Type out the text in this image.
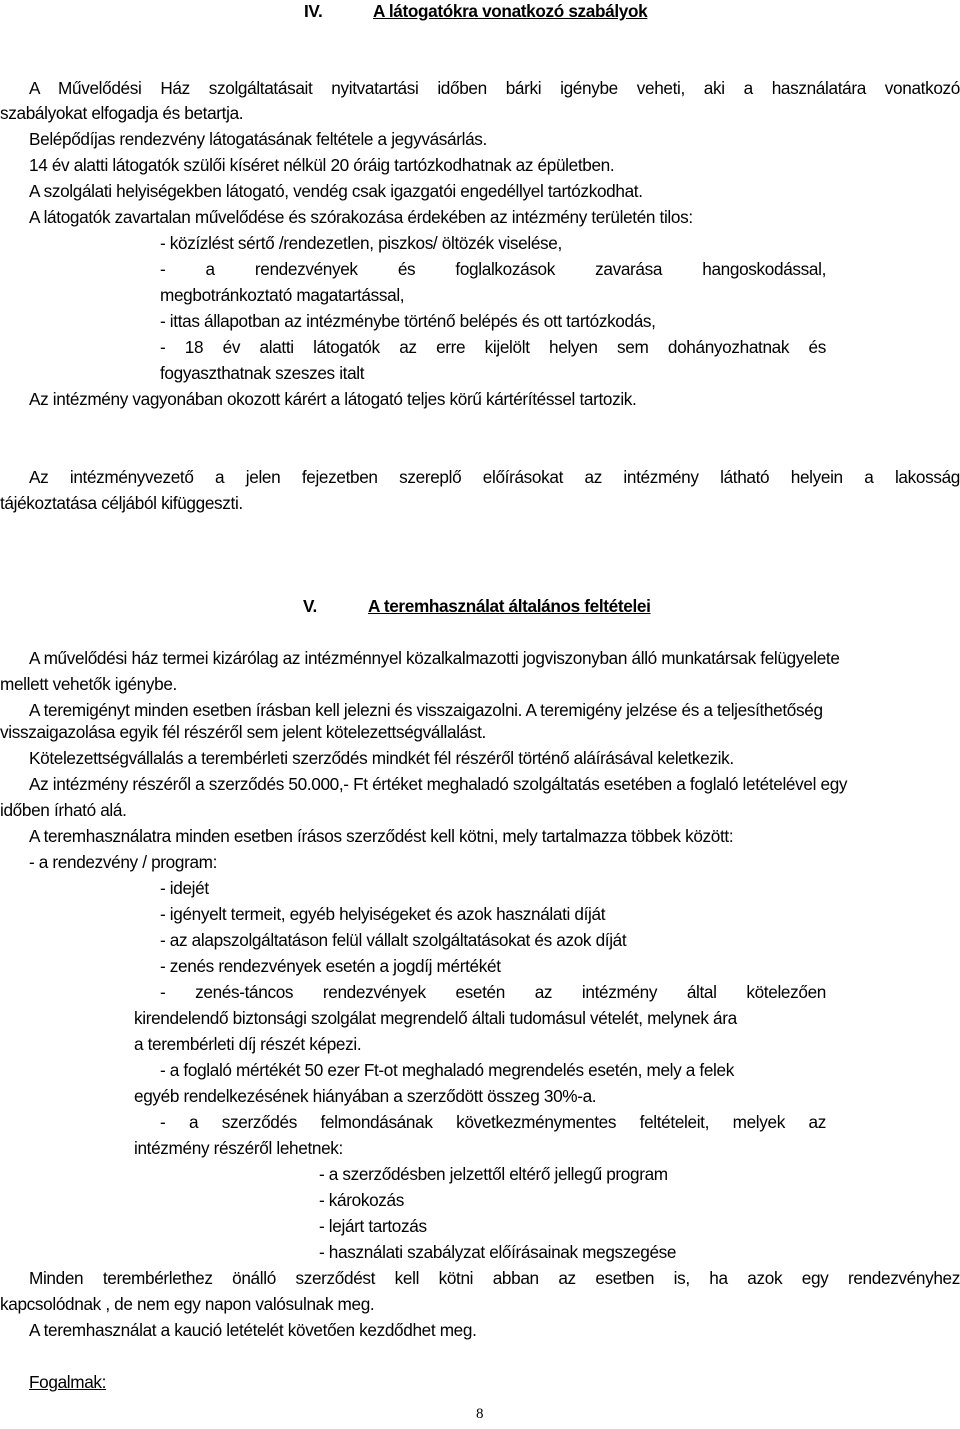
IV.	A látogatókra vonatkozó szabályok
A Művelődési Ház szolgáltatásait nyitvatartási időben bárki igénybe veheti, aki a használatára vonatkozó
szabályokat elfogadja és betartja.
Belépődíjas rendezvény látogatásának feltétele a jegyvásárlás.
14 év alatti látogatók szülői kíséret nélkül 20 óráig tartózkodhatnak az épületben.
A szolgálati helyiségekben látogató, vendég csak igazgatói engedéllyel tartózkodhat.
A látogatók zavartalan művelődése és szórakozása érdekében az intézmény területén tilos:
- közízlést sértő /rendezetlen, piszkos/ öltözék viselése,
- a rendezvények és foglalkozások zavarása hangoskodással,
megbotránkoztató magatartással,
- ittas állapotban az intézménybe történő belépés és ott tartózkodás,
- 18 év alatti látogatók az erre kijelölt helyen sem dohányozhatnak és
fogyaszthatnak szeszes italt
Az intézmény vagyonában okozott kárért a látogató teljes körű kártérítéssel tartozik.
Az intézményvezető a jelen fejezetben szereplő előírásokat az intézmény látható helyein a lakosság
tájékoztatása céljából kifüggeszti.
V.	A teremhasználat általános feltételei
A művelődési ház termei kizárólag az intézménnyel közalkalmazotti jogviszonyban álló munkatársak felügyelete
mellett vehetők igénybe.
A teremigényt minden esetben írásban kell jelezni és visszaigazolni. A teremigény jelzése és a teljesíthetőség
visszaigazolása egyik fél részéről sem jelent kötelezettségvállalást.
Kötelezettségvállalás a terembérleti szerződés mindkét fél részéről történő aláírásával keletkezik.
Az intézmény részéről a szerződés 50.000,- Ft értéket meghaladó szolgáltatás esetében a foglaló letételével egy
időben írható alá.
A teremhasználatra minden esetben írásos szerződést kell kötni, mely tartalmazza többek között:
- a rendezvény / program:
- idejét
- igényelt termeit, egyéb helyiségeket és azok használati díját
- az alapszolgáltatáson felül vállalt szolgáltatásokat és azok díját
- zenés rendezvények esetén a jogdíj mértékét
- zenés-táncos rendezvények esetén az intézmény által kötelezően
kirendelendő biztonsági szolgálat megrendelő általi tudomásul vételét, melynek ára
a terembérleti díj részét képezi.
- a foglaló mértékét 50 ezer Ft-ot meghaladó megrendelés esetén, mely a felek
egyéb rendelkezésének hiányában a szerződött összeg 30%-a.
- a szerződés felmondásának következménymentes feltételeit, melyek az
intézmény részéről lehetnek:
- a szerződésben jelzettől eltérő jellegű program
- károkozás
- lejárt tartozás
- használati szabályzat előírásainak megszegése
Minden terembérlethez önálló szerződést kell kötni abban az esetben is, ha azok egy rendezvényhez
kapcsolódnak , de nem egy napon valósulnak meg.
A teremhasználat a kaució letételét követően kezdődhet meg.
Fogalmak:
8
